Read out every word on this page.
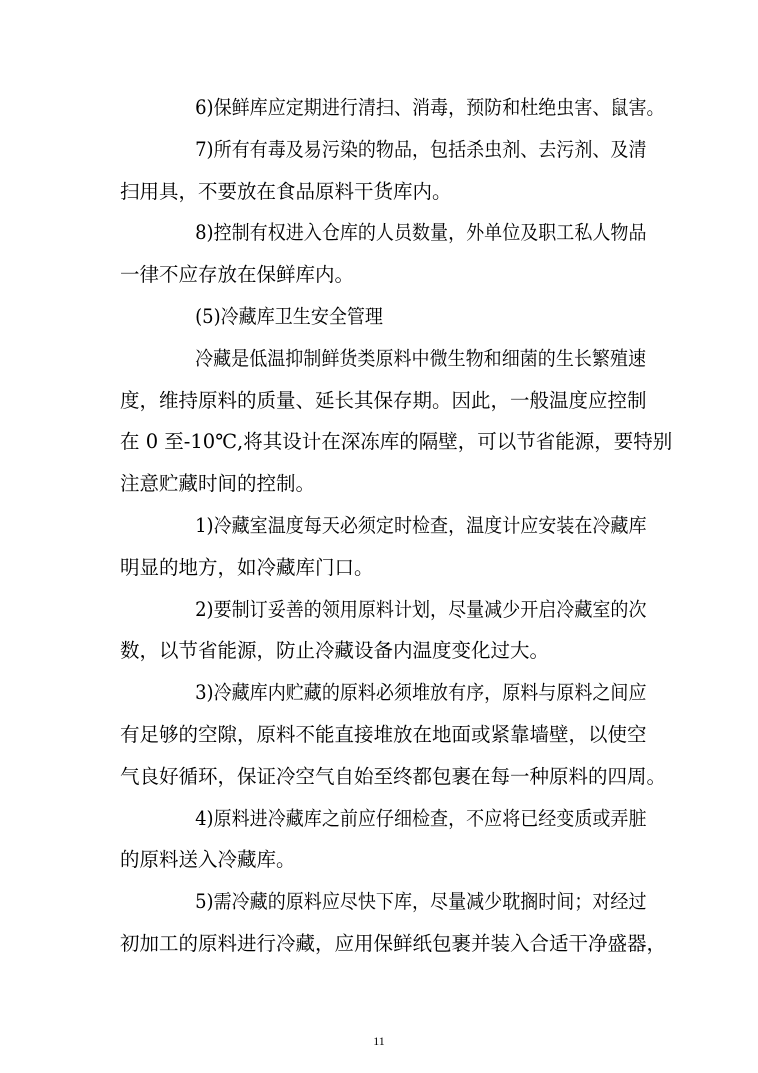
6)保鲜库应定期进行清扫、消毒，预防和杜绝虫害、鼠害。

7)所有有毒及易污染的物品，包括杀虫剂、去污剂、及清

扫用具，不要放在食品原料干货库内。

8)控制有权进入仓库的人员数量，外单位及职工私人物品

一律不应存放在保鲜库内。

(5)冷藏库卫生安全管理

冷藏是低温抑制鲜货类原料中微生物和细菌的生长繁殖速

度，维持原料的质量、延长其保存期。因此，一般温度应控制

在 0 至-10℃,将其设计在深冻库的隔壁，可以节省能源，要特别

注意贮藏时间的控制。

1)冷藏室温度每天必须定时检查，温度计应安装在冷藏库

明显的地方，如冷藏库门口。

2)要制订妥善的领用原料计划，尽量减少开启冷藏室的次

数，以节省能源，防止冷藏设备内温度变化过大。

3)冷藏库内贮藏的原料必须堆放有序，原料与原料之间应

有足够的空隙，原料不能直接堆放在地面或紧靠墙壁，以使空

气良好循环，保证冷空气自始至终都包裹在每一种原料的四周。

4)原料进冷藏库之前应仔细检查，不应将已经变质或弄脏

的原料送入冷藏库。

5)需冷藏的原料应尽快下库，尽量减少耽搁时间；对经过

初加工的原料进行冷藏，应用保鲜纸包裹并装入合适干净盛器，

11
